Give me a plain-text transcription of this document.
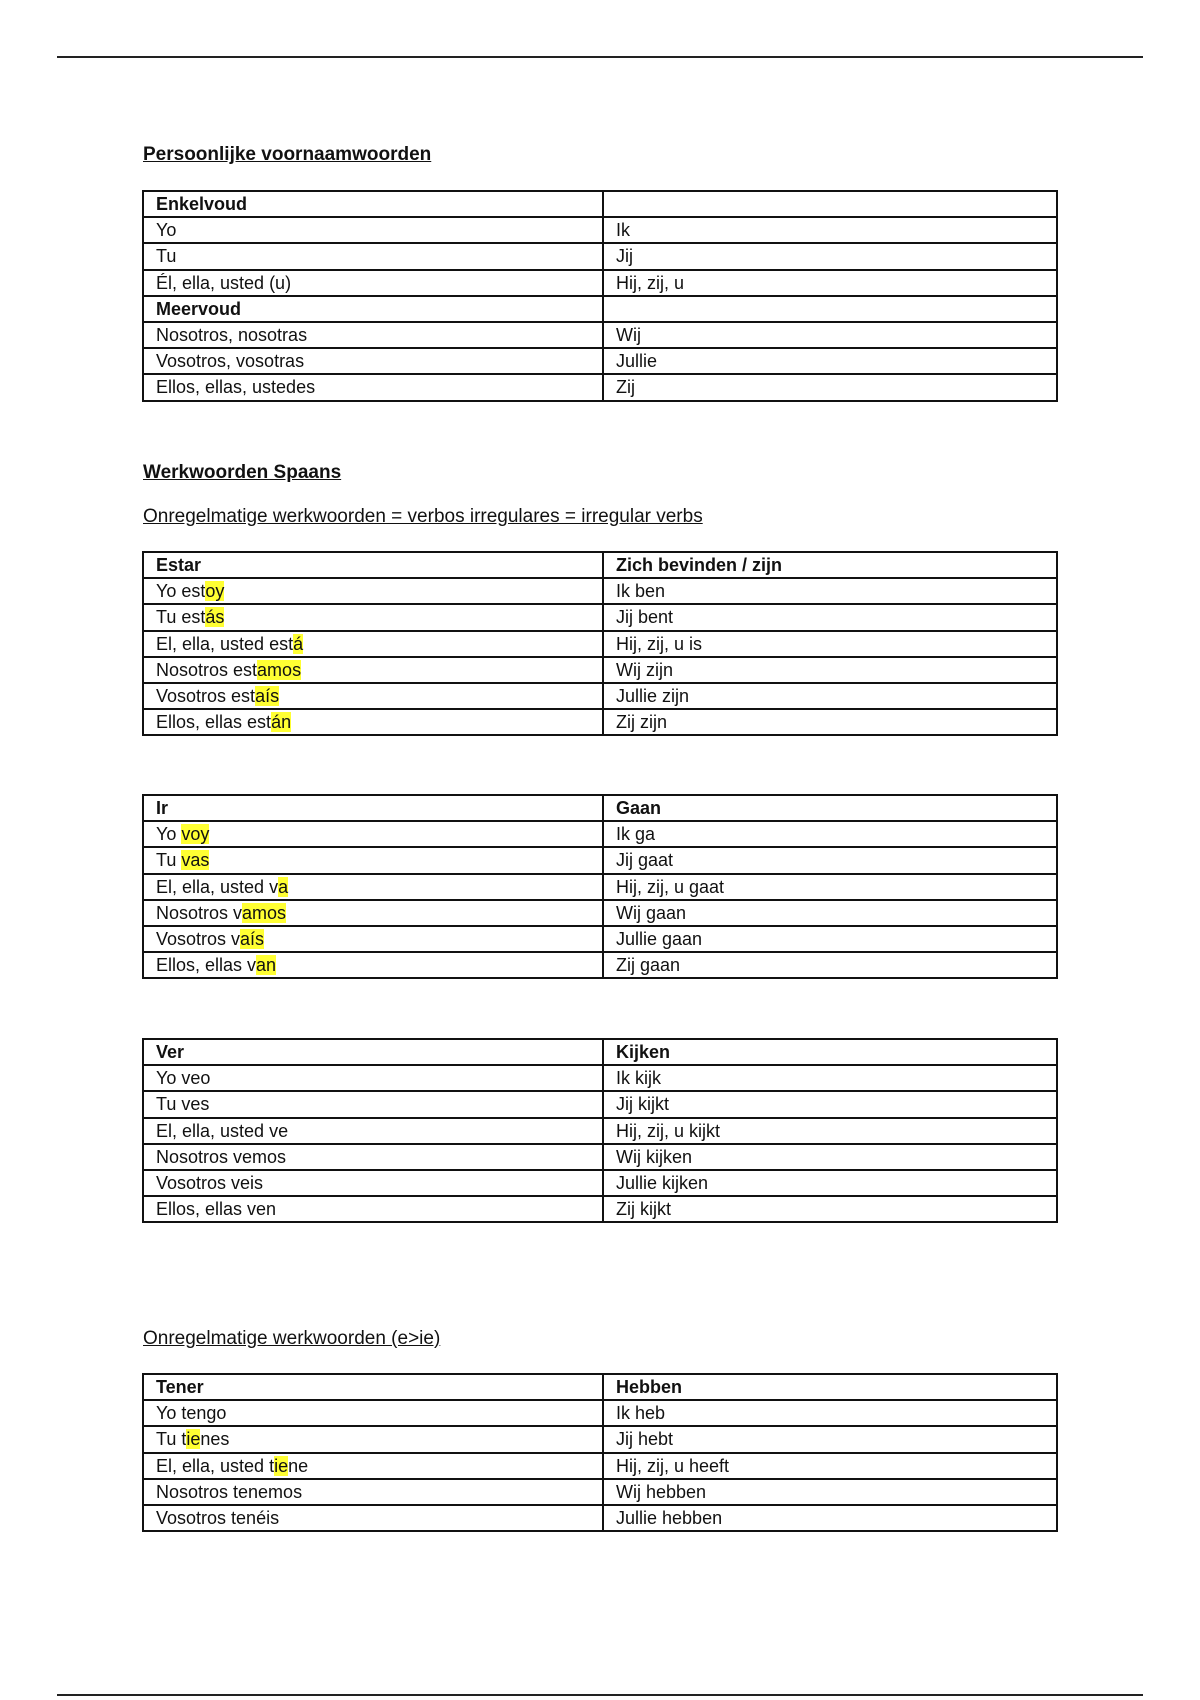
Persoonlijke voornaamwoorden

Enkelvoud	
Yo	Ik
Tu	Jij
Él, ella, usted (u)	Hij, zij, u
Meervoud	
Nosotros, nosotras	Wij
Vosotros, vosotras	Jullie
Ellos, ellas, ustedes	Zij

Werkwoorden Spaans

Onregelmatige werkwoorden = verbos irregulares = irregular verbs

Estar	Zich bevinden / zijn
Yo estoy	Ik ben
Tu estás	Jij bent
El, ella, usted está	Hij, zij, u is
Nosotros estamos	Wij zijn
Vosotros estaís	Jullie zijn
Ellos, ellas están	Zij zijn
Ir	Gaan
Yo voy	Ik ga
Tu vas	Jij gaat
El, ella, usted va	Hij, zij, u gaat
Nosotros vamos	Wij gaan
Vosotros vaís	Jullie gaan
Ellos, ellas van	Zij gaan
Ver	Kijken
Yo veo	Ik kijk
Tu ves	Jij kijkt
El, ella, usted ve	Hij, zij, u kijkt
Nosotros vemos	Wij kijken
Vosotros veis	Jullie kijken
Ellos, ellas ven	Zij kijkt

Onregelmatige werkwoorden (e>ie)

Tener	Hebben
Yo tengo	Ik heb
Tu tienes	Jij hebt
El, ella, usted tiene	Hij, zij, u heeft
Nosotros tenemos	Wij hebben
Vosotros tenéis	Jullie hebben
